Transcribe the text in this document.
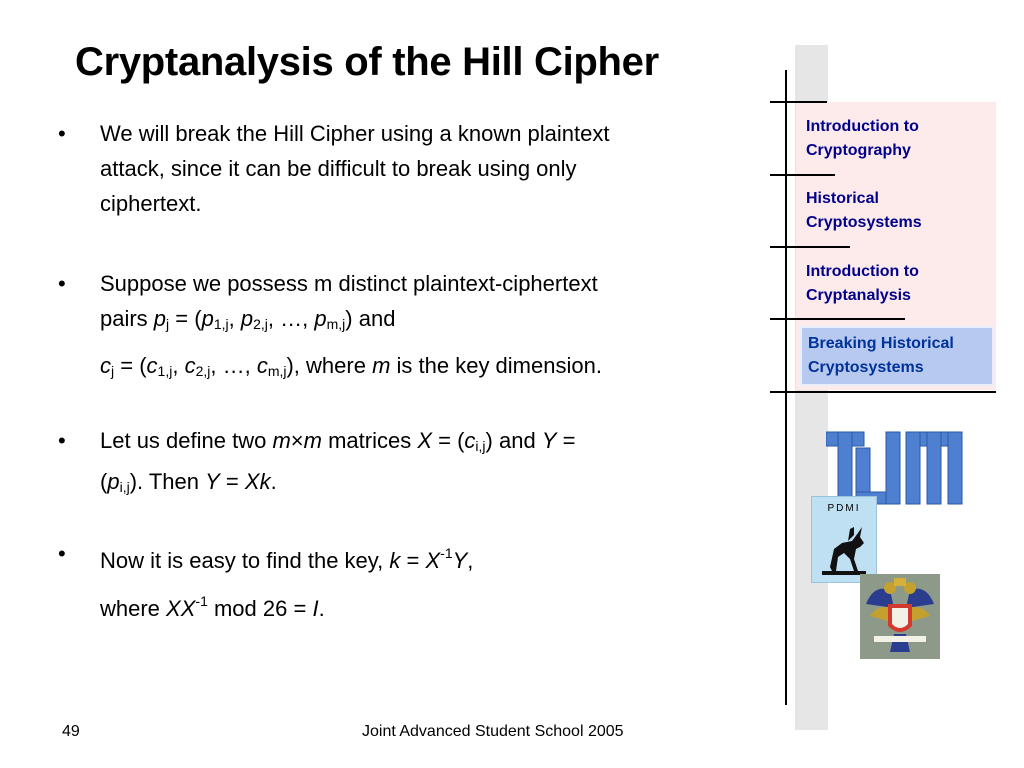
Introduction to
Cryptography
Historical
Cryptosystems
Introduction to
Cryptanalysis
Breaking Historical
Cryptosystems
Cryptanalysis of the Hill Cipher
•	We will break the Hill Cipher using a known plaintext
attack, since it can be difficult to break using only
ciphertext.
•	Suppose we possess m distinct plaintext-ciphertext
pairs $p_j = (p_{1,j}$, $p_{2,j}$, …, $p_{m,j}$) and
$c_j = (c_{1,j}$, $c_{2,j}$, …, $c_{m,j}$), where m is the key dimension.
•	Let us define two m×m matrices $X = (c_{i,j})$ and Y =
$(p_{i,j})$. Then Y = Xk.
•	Now it is easy to find the key, $k = X^{-1}Y$,
where $XX^{-1}$ mod 26 = I.
PDMI
49	Joint Advanced Student School 2005
